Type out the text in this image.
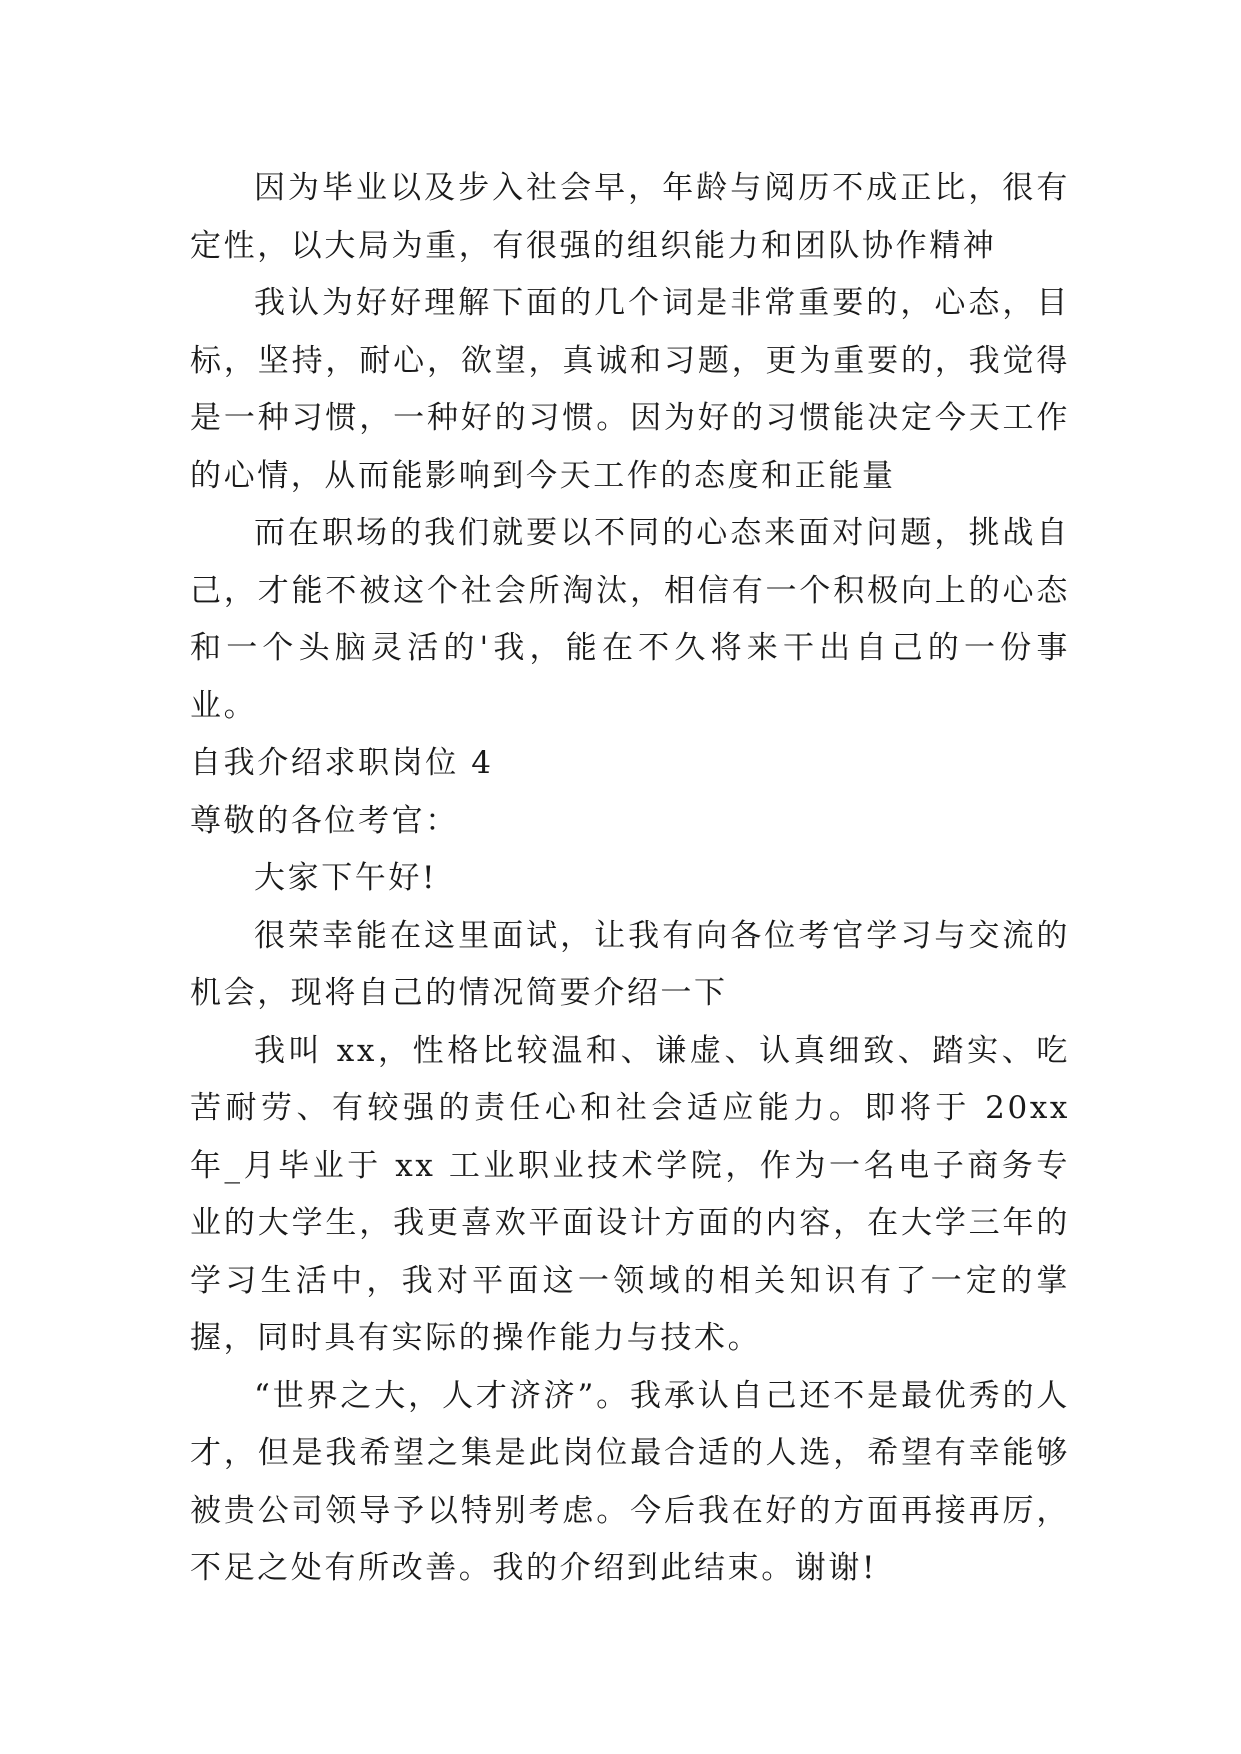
因为毕业以及步入社会早，年龄与阅历不成正比，很有定性，以大局为重，有很强的组织能力和团队协作精神

我认为好好理解下面的几个词是非常重要的，心态，目标，坚持，耐心，欲望，真诚和习题，更为重要的，我觉得是一种习惯，一种好的习惯。因为好的习惯能决定今天工作的心情，从而能影响到今天工作的态度和正能量

而在职场的我们就要以不同的心态来面对问题，挑战自己，才能不被这个社会所淘汰，相信有一个积极向上的心态和一个头脑灵活的'我，能在不久将来干出自己的一份事业。

自我介绍求职岗位 4

尊敬的各位考官：

大家下午好!

很荣幸能在这里面试，让我有向各位考官学习与交流的机会，现将自己的情况简要介绍一下

我叫 xx，性格比较温和、谦虚、认真细致、踏实、吃苦耐劳、有较强的责任心和社会适应能力。即将于 20xx 年_月毕业于 xx 工业职业技术学院，作为一名电子商务专业的大学生，我更喜欢平面设计方面的内容，在大学三年的学习生活中，我对平面这一领域的相关知识有了一定的掌握，同时具有实际的操作能力与技术。

“世界之大，人才济济”。我承认自己还不是最优秀的人才，但是我希望之集是此岗位最合适的人选，希望有幸能够被贵公司领导予以特别考虑。今后我在好的方面再接再厉，不足之处有所改善。我的介绍到此结束。谢谢!
